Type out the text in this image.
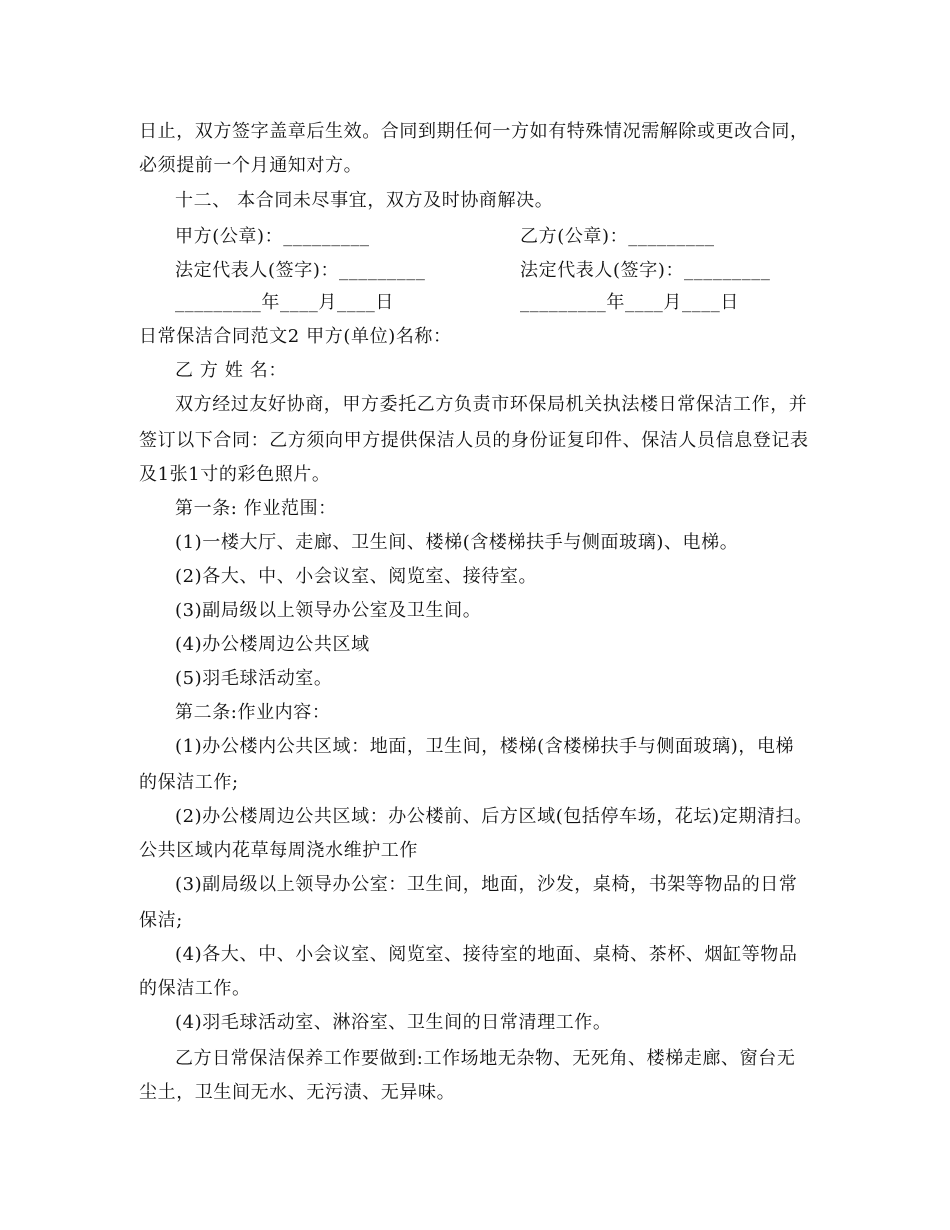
日止，双方签字盖章后生效。合同到期任何一方如有特殊情况需解除或更改合同，
必须提前一个月通知对方。
十二、 本合同未尽事宜，双方及时协商解决。
甲方(公章)：_________	乙方(公章)：_________
法定代表人(签字)：_________	法定代表人(签字)：_________
_________年____月____日	_________年____月____日
日常保洁合同范文2 甲方(单位)名称：
乙 方 姓 名：
双方经过友好协商，甲方委托乙方负责市环保局机关执法楼日常保洁工作，并
签订以下合同：乙方须向甲方提供保洁人员的身份证复印件、保洁人员信息登记表
及1张1寸的彩色照片。
第一条: 作业范围：
(1)一楼大厅、走廊、卫生间、楼梯(含楼梯扶手与侧面玻璃)、电梯。
(2)各大、中、小会议室、阅览室、接待室。
(3)副局级以上领导办公室及卫生间。
(4)办公楼周边公共区域
(5)羽毛球活动室。
第二条:作业内容：
(1)办公楼内公共区域：地面，卫生间，楼梯(含楼梯扶手与侧面玻璃)，电梯
的保洁工作;
(2)办公楼周边公共区域：办公楼前、后方区域(包括停车场，花坛)定期清扫。
公共区域内花草每周浇水维护工作
(3)副局级以上领导办公室：卫生间，地面，沙发，桌椅，书架等物品的日常
保洁;
(4)各大、中、小会议室、阅览室、接待室的地面、桌椅、茶杯、烟缸等物品
的保洁工作。
(4)羽毛球活动室、淋浴室、卫生间的日常清理工作。
乙方日常保洁保养工作要做到:工作场地无杂物、无死角、楼梯走廊、窗台无
尘土，卫生间无水、无污渍、无异味。
